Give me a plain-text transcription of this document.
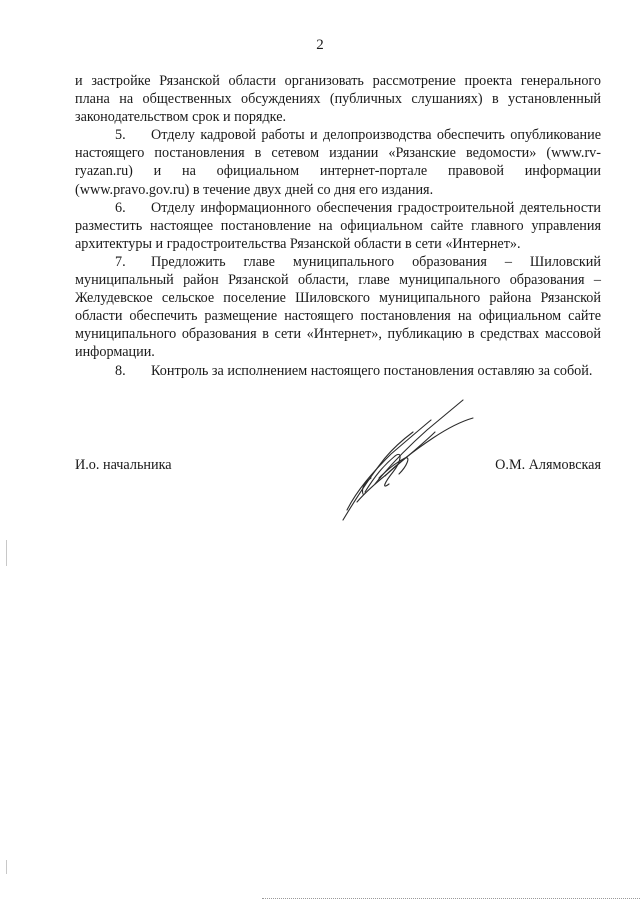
2

и застройке Рязанской области организовать рассмотрение проекта генерального плана на общественных обсуждениях (публичных слушаниях) в установленный законодательством срок и порядке.

5. Отделу кадровой работы и делопроизводства обеспечить опубликование настоящего постановления в сетевом издании «Рязанские ведомости» (www.rv-ryazan.ru) и на официальном интернет-портале правовой информации (www.pravo.gov.ru) в течение двух дней со дня его издания.

6. Отделу информационного обеспечения градостроительной деятельности разместить настоящее постановление на официальном сайте главного управления архитектуры и градостроительства Рязанской области в сети «Интернет».

7. Предложить главе муниципального образования – Шиловский муниципальный район Рязанской области, главе муниципального образования – Желудевское сельское поселение Шиловского муниципального района Рязанской области обеспечить размещение настоящего постановления на официальном сайте муниципального образования в сети «Интернет», публикацию в средствах массовой информации.

8. Контроль за исполнением настоящего постановления оставляю за собой.

И.о. начальника	О.М. Алямовская
